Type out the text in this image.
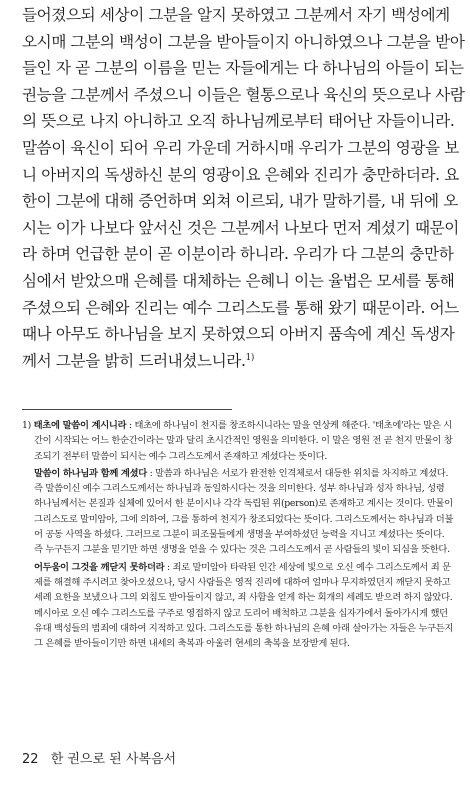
들어졌으되 세상이 그분을 알지 못하였고 그분께서 자기 백성에게
오시매 그분의 백성이 그분을 받아들이지 아니하였으나 그분을 받아
들인 자 곧 그분의 이름을 믿는 자들에게는 다 하나님의 아들이 되는
권능을 그분께서 주셨으니 이들은 혈통으로나 육신의 뜻으로나 사람
의 뜻으로 나지 아니하고 오직 하나님께로부터 태어난 자들이니라.
말씀이 육신이 되어 우리 가운데 거하시매 우리가 그분의 영광을 보
니 아버지의 독생하신 분의 영광이요 은혜와 진리가 충만하더라. 요
한이 그분에 대해 증언하며 외쳐 이르되, 내가 말하기를, 내 뒤에 오
시는 이가 나보다 앞서신 것은 그분께서 나보다 먼저 계셨기 때문이
라 하며 언급한 분이 곧 이분이라 하니라. 우리가 다 그분의 충만하
심에서 받았으매 은혜를 대체하는 은혜니 이는 율법은 모세를 통해
주셨으되 은혜와 진리는 예수 그리스도를 통해 왔기 때문이라. 어느
때나 아무도 하나님을 보지 못하였으되 아버지 품속에 계신 독생자
께서 그분을 밝히 드러내셨느니라.$^{1)}$

1) 태초에 말씀이 계시니라 : 태초에 하나님이 천지를 창조하시니라는 말을 연상케 해준다. '태초에'라는 말은 시간이 시작되는 어느 한순간이라는 말과 달리 초시간적인 영원을 의미한다. 이 말은 영원 전 곧 천지 만물이 창조되기 전부터 말씀이 되시는 예수 그리스도께서 존재하고 계셨다는 뜻이다.

말씀이 하나님과 함께 계셨다 : 말씀과 하나님은 서로가 완전한 인격체로서 대등한 위치를 차지하고 계셨다. 즉 말씀이신 예수 그리스도께서는 하나님과 동일하시다는 것을 의미한다. 성부 하나님과 성자 하나님, 성령 하나님께서는 본질과 실체에 있어서 한 분이시나 각각 독립된 위(person)로 존재하고 계시는 것이다. 만물이 그리스도로 말미암아, 그에 의하여, 그를 통하여 천지가 창조되었다는 뜻이다. 그리스도께서는 하나님과 더불어 공동 사역을 하셨다. 그러므로 그분이 피조물들에게 생명을 부여하셨던 능력을 지니고 계셨다는 뜻이다. 즉 누구든지 그분을 믿기만 하면 생명을 얻을 수 있다는 것은 그리스도께서 곧 사람들의 빛이 되심을 뜻한다.

어두움이 그것을 깨닫지 못하더라 : 죄로 말미암아 타락된 인간 세상에 빛으로 오신 예수 그리스도께서 죄 문제를 해결해 주시려고 찾아오셨으나, 당시 사람들은 영적 진리에 대하여 얼마나 무지하였던지 깨닫지 못하고 세례 요한을 보냈으나 그의 외침도 받아들이지 않고, 죄 사함을 얻게 하는 회개의 세례도 받으려 하지 않았다. 메시아로 오신 예수 그리스도를 구주로 영접하지 않고 도리어 배척하고 그분을 십자가에서 돌아가시게 했던 유대 백성들의 범죄에 대하여 지적하고 있다. 그리스도를 통한 하나님의 은혜 아래 살아가는 자들은 누구든지 그 은혜를 받아들이기만 하면 내세의 축복과 아울러 현세의 축복을 보장받게 된다.

22 한 권으로 된 사복음서
